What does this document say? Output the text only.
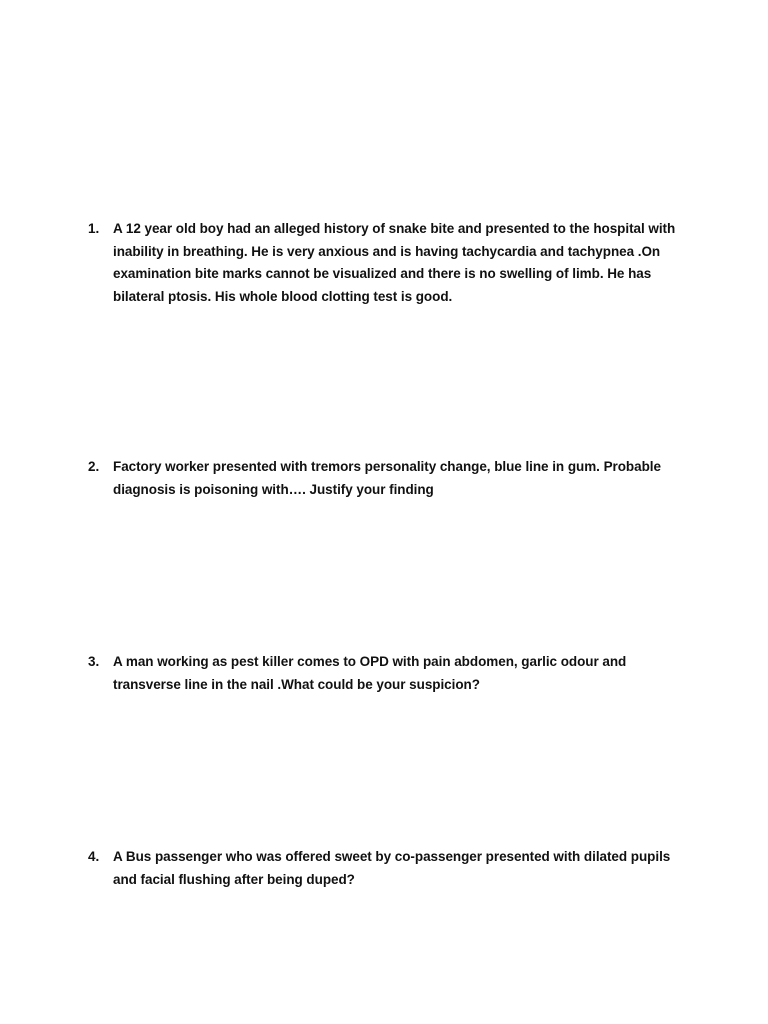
1.	A 12 year old boy had an alleged history of snake bite and presented to the hospital with inability in breathing. He is very anxious and is having tachycardia and tachypnea .On examination bite marks cannot be visualized and there is no swelling of limb. He has bilateral ptosis. His whole blood clotting test is good.
2.	Factory worker presented with tremors personality change, blue line in gum. Probable diagnosis is poisoning with…. Justify your finding
3.	A man working as pest killer comes to OPD with pain abdomen, garlic odour and transverse line in the nail .What could be your suspicion?
4.	A Bus passenger who was offered sweet by co-passenger presented with dilated pupils and facial flushing after being duped?
